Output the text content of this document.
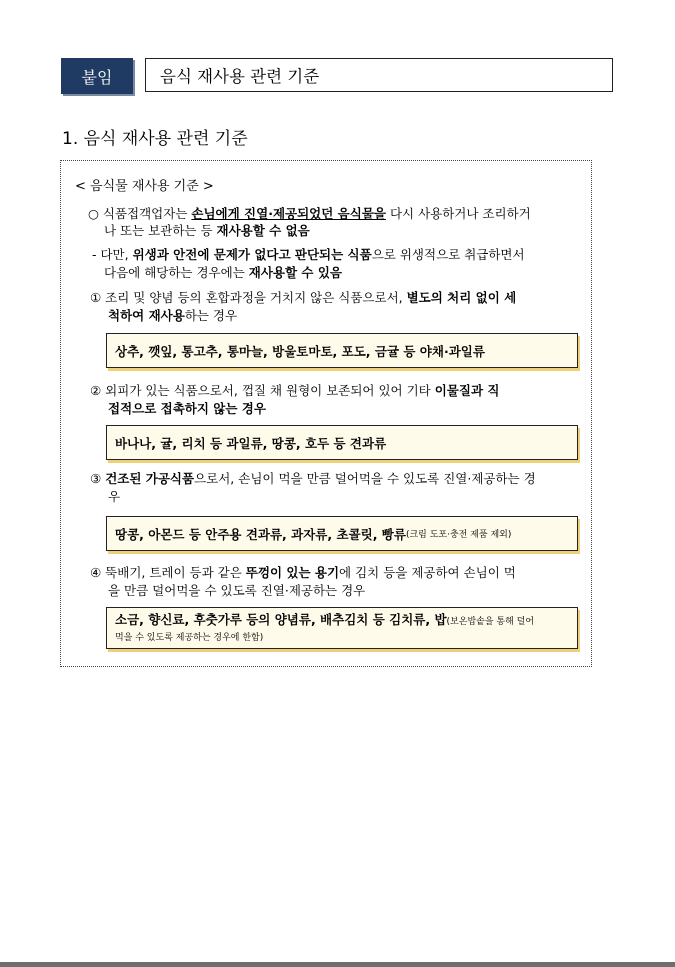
붙임	음식 재사용 관련 기준
1. 음식 재사용 관련 기준
< 음식물 재사용 기준 >
○ 식품접객업자는 손님에게 진열·제공되었던 음식물을 다시 사용하거나 조리하거
나 또는 보관하는 등 재사용할 수 없음
- 다만, 위생과 안전에 문제가 없다고 판단되는 식품으로 위생적으로 취급하면서
다음에 해당하는 경우에는 재사용할 수 있음
① 조리 및 양념 등의 혼합과정을 거치지 않은 식품으로서, 별도의 처리 없이 세
척하여 재사용하는 경우
상추, 깻잎, 통고추, 통마늘, 방울토마토, 포도, 금귤 등 야채·과일류
② 외피가 있는 식품으로서, 껍질 채 원형이 보존되어 있어 기타 이물질과 직
접적으로 접촉하지 않는 경우
바나나, 귤, 리치 등 과일류, 땅콩, 호두 등 견과류
③ 건조된 가공식품으로서, 손님이 먹을 만큼 덜어먹을 수 있도록 진열·제공하는 경
우
땅콩, 아몬드 등 안주용 견과류, 과자류, 초콜릿, 빵류 (크림 도포·충전 제품 제외)
④ 뚝배기, 트레이 등과 같은 뚜껑이 있는 용기에 김치 등을 제공하여 손님이 먹
을 만큼 덜어먹을 수 있도록 진열·제공하는 경우
소금, 향신료, 후춧가루 등의 양념류, 배추김치 등 김치류, 밥(보온밥솥을 통해 덜어
먹을 수 있도록 제공하는 경우에 한함)
